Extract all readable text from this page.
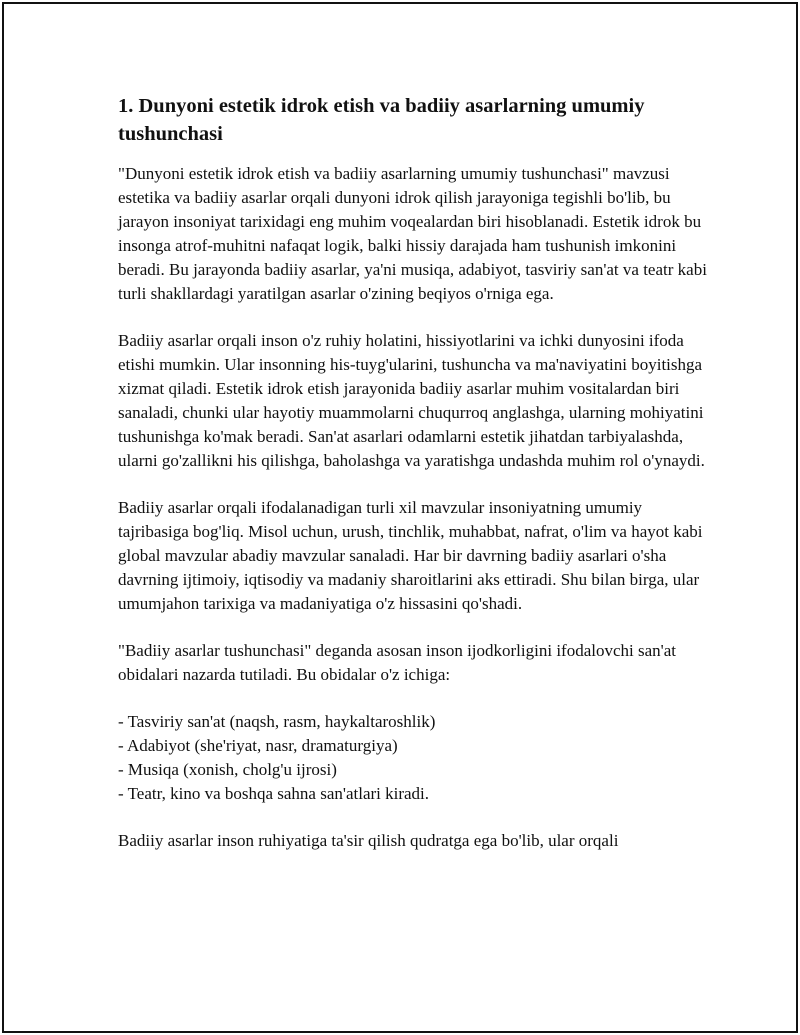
1. Dunyoni estetik idrok etish va badiiy asarlarning umumiy tushunchasi

"Dunyoni estetik idrok etish va badiiy asarlarning umumiy tushunchasi" mavzusi estetika va badiiy asarlar orqali dunyoni idrok qilish jarayoniga tegishli bo'lib, bu jarayon insoniyat tarixidagi eng muhim voqealardan biri hisoblanadi. Estetik idrok bu insonga atrof-muhitni nafaqat logik, balki hissiy darajada ham tushunish imkonini beradi. Bu jarayonda badiiy asarlar, ya'ni musiqa, adabiyot, tasviriy san'at va teatr kabi turli shakllardagi yaratilgan asarlar o'zining beqiyos o'rniga ega.

Badiiy asarlar orqali inson o'z ruhiy holatini, hissiyotlarini va ichki dunyosini ifoda etishi mumkin. Ular insonning his-tuyg'ularini, tushuncha va ma'naviyatini boyitishga xizmat qiladi. Estetik idrok etish jarayonida badiiy asarlar muhim vositalardan biri sanaladi, chunki ular hayotiy muammolarni chuqurroq anglashga, ularning mohiyatini tushunishga ko'mak beradi. San'at asarlari odamlarni estetik jihatdan tarbiyalashda, ularni go'zallikni his qilishga, baholashga va yaratishga undashda muhim rol o'ynaydi.

Badiiy asarlar orqali ifodalanadigan turli xil mavzular insoniyatning umumiy tajribasiga bog'liq. Misol uchun, urush, tinchlik, muhabbat, nafrat, o'lim va hayot kabi global mavzular abadiy mavzular sanaladi. Har bir davrning badiiy asarlari o'sha davrning ijtimoiy, iqtisodiy va madaniy sharoitlarini aks ettiradi. Shu bilan birga, ular umumjahon tarixiga va madaniyatiga o'z hissasini qo'shadi.

"Badiiy asarlar tushunchasi" deganda asosan inson ijodkorligini ifodalovchi san'at obidalari nazarda tutiladi. Bu obidalar o'z ichiga:

- Tasviriy san'at (naqsh, rasm, haykaltaroshlik)
- Adabiyot (she'riyat, nasr, dramaturgiya)
- Musiqa (xonish, cholg'u ijrosi)
- Teatr, kino va boshqa sahna san'atlari kiradi.

Badiiy asarlar inson ruhiyatiga ta'sir qilish qudratga ega bo'lib, ular orqali
